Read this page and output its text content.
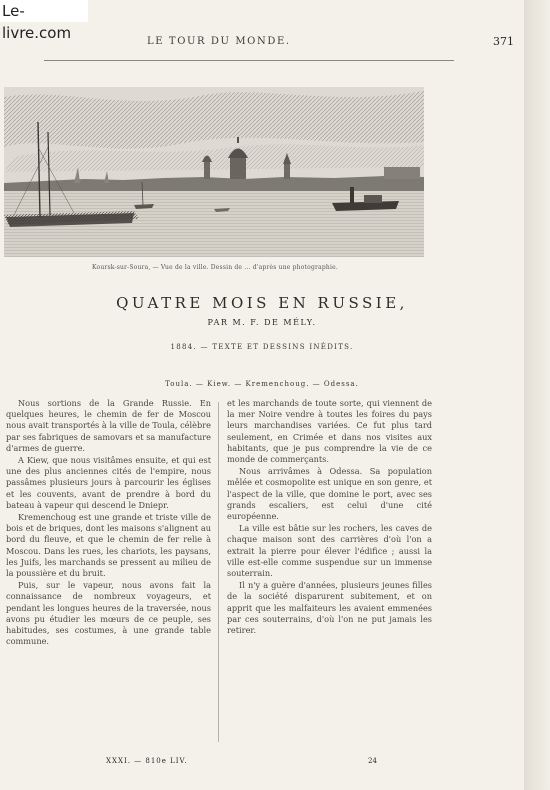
Le-livre.com	LE TOUR DU MONDE.	371
Koursk-sur-Soura, — Vue de la ville. Dessin de ... d'après une photographie.
QUATRE MOIS EN RUSSIE,
PAR M. F. DE MÉLY.
1884. — TEXTE ET DESSINS INÉDITS.
Toula. — Kiew. — Kremenchoug. — Odessa.

Nous sortions de la Grande Russie. En quelques heures, le chemin de fer de Moscou nous avait transportés à la ville de Toula, célèbre par ses fabriques de samovars et sa manufacture d'armes de guerre.

A Kiew, que nous visitâmes ensuite, et qui est une des plus anciennes cités de l'empire, nous passâmes plusieurs jours à parcourir les églises et les couvents, avant de prendre à bord du bateau à vapeur qui descend le Dniepr.

Kremenchoug est une grande et triste ville de bois et de briques, dont les maisons s'alignent au bord du fleuve, et que le chemin de fer relie à Moscou. Dans les rues, les chariots, les paysans, les Juifs, les marchands se pressent au milieu de la poussière et du bruit.

Puis, sur le vapeur, nous avons fait la connaissance de nombreux voyageurs, et pendant les longues heures de la traversée, nous avons pu étudier les mœurs de ce peuple, ses habitudes, ses costumes, à une grande table commune.

et les marchands de toute sorte, qui viennent de la mer Noire vendre à toutes les foires du pays leurs marchandises variées. Ce fut plus tard seulement, en Crimée et dans nos visites aux habitants, que je pus comprendre la vie de ce monde de commerçants.

Nous arrivâmes à Odessa. Sa population mêlée et cosmopolite est unique en son genre, et l'aspect de la ville, que domine le port, avec ses grands escaliers, est celui d'une cité européenne.

La ville est bâtie sur les rochers, les caves de chaque maison sont des carrières d'où l'on a extrait la pierre pour élever l'édifice ; aussi la ville est-elle comme suspendue sur un immense souterrain.

Il n'y a guère d'années, plusieurs jeunes filles de la société disparurent subitement, et on apprit que les malfaiteurs les avaient emmenées par ces souterrains, d'où l'on ne put jamais les retirer.

XXXI. — 810e LIV.	24
